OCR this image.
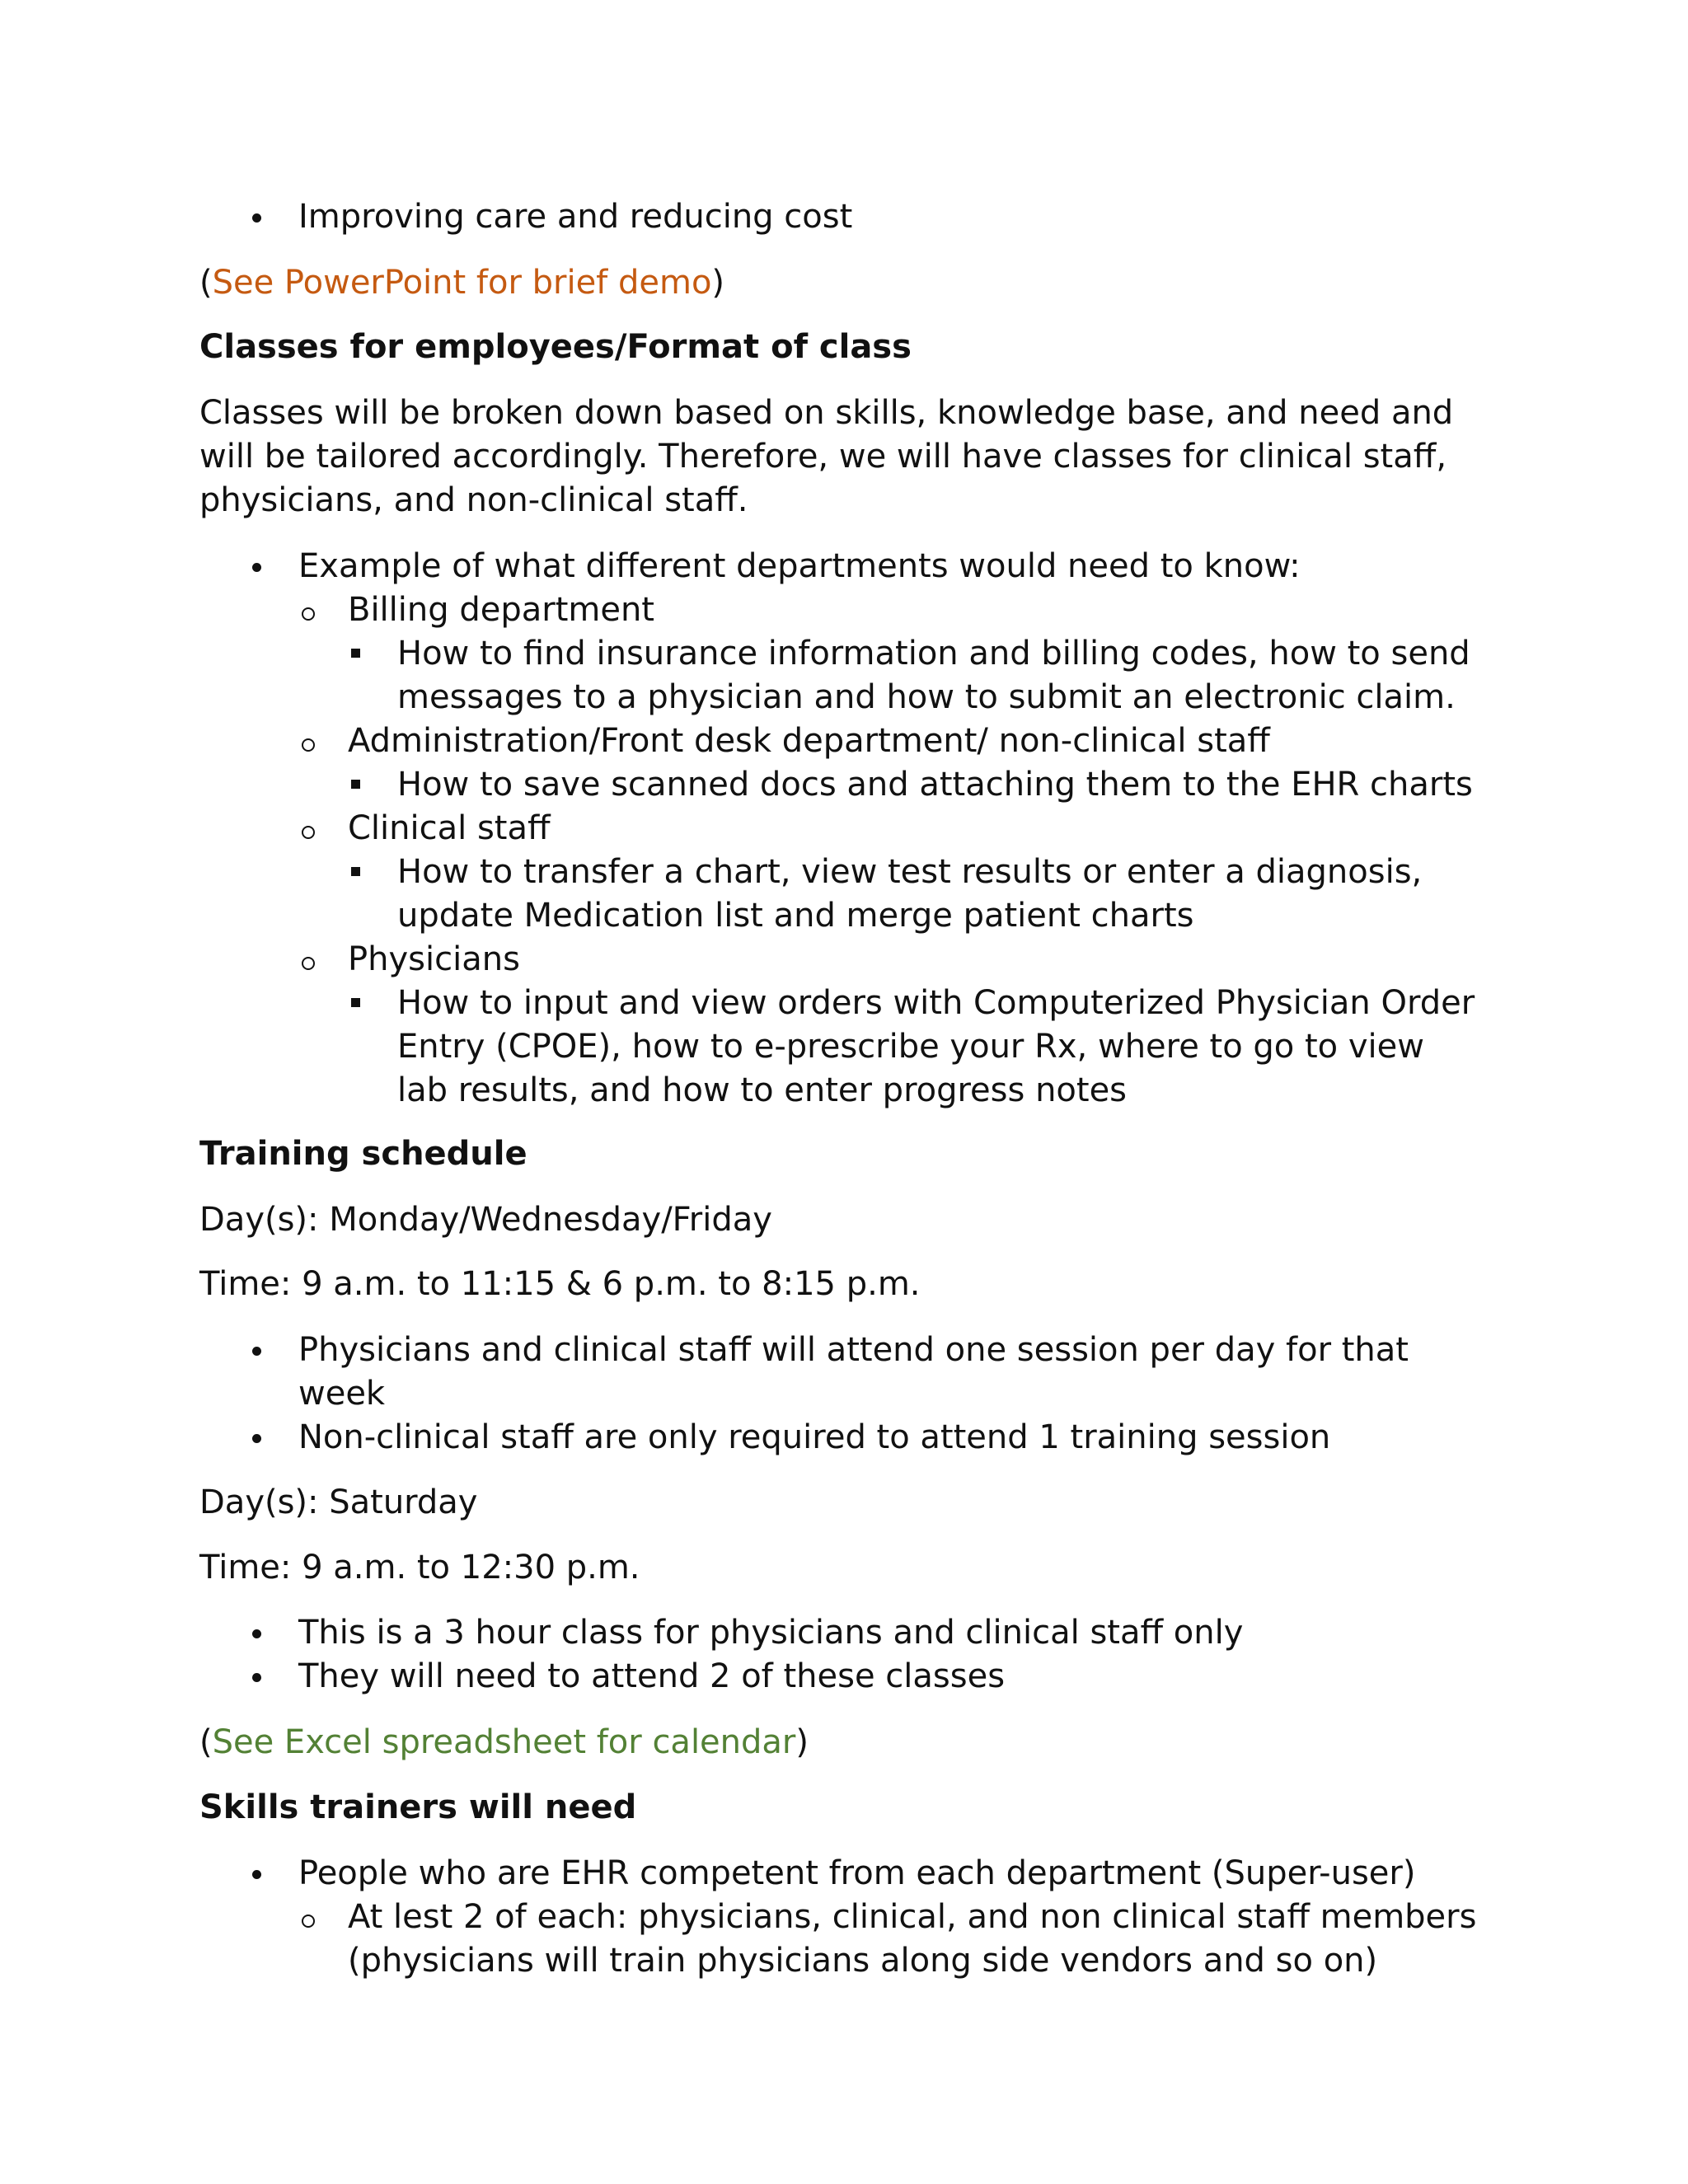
Improving care and reducing cost
(See PowerPoint for brief demo)
Classes for employees/Format of class
Classes will be broken down based on skills, knowledge base, and need and
will be tailored accordingly. Therefore, we will have classes for clinical staff,
physicians, and non-clinical staff.
Example of what different departments would need to know:
Billing department
How to find insurance information and billing codes, how to send
messages to a physician and how to submit an electronic claim.
Administration/Front desk department/ non-clinical staff
How to save scanned docs and attaching them to the EHR charts
Clinical staff
How to transfer a chart, view test results or enter a diagnosis,
update Medication list and merge patient charts
Physicians
How to input and view orders with Computerized Physician Order
Entry (CPOE), how to e-prescribe your Rx, where to go to view
lab results, and how to enter progress notes
Training schedule
Day(s): Monday/Wednesday/Friday
Time: 9 a.m. to 11:15 & 6 p.m. to 8:15 p.m.
Physicians and clinical staff will attend one session per day for that
week
Non-clinical staff are only required to attend 1 training session
Day(s): Saturday
Time: 9 a.m. to 12:30 p.m.
This is a 3 hour class for physicians and clinical staff only
They will need to attend 2 of these classes
(See Excel spreadsheet for calendar)
Skills trainers will need
People who are EHR competent from each department (Super-user)
At lest 2 of each: physicians, clinical, and non clinical staff members
(physicians will train physicians along side vendors and so on)
